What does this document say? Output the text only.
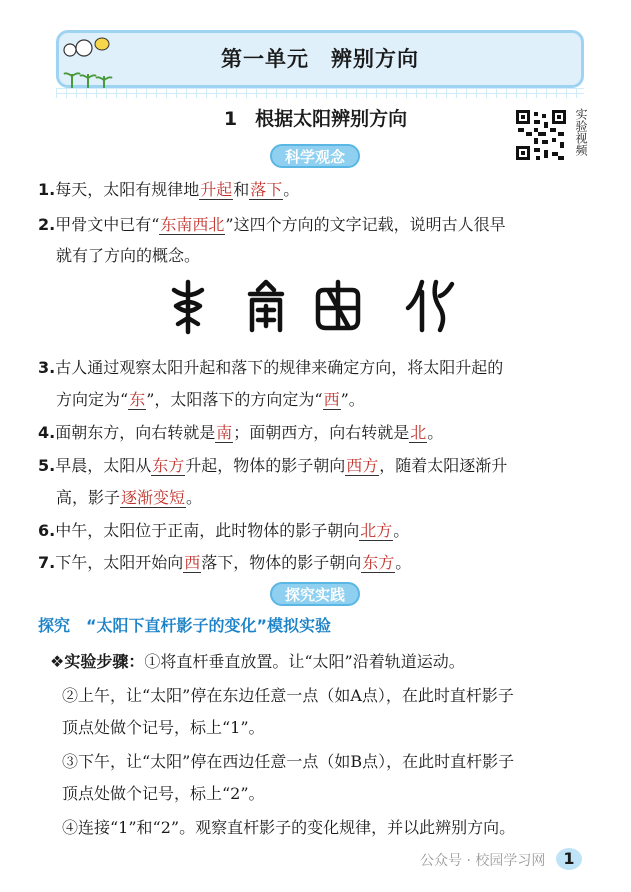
第一单元　辨别方向
1 根据太阳辨别方向	实验视频
科学观念
1.每天，太阳有规律地升起和落下。
2.甲骨文中已有“东南西北”这四个方向的文字记载，说明古人很早
就有了方向的概念。
3.古人通过观察太阳升起和落下的规律来确定方向，将太阳升起的
方向定为“东”，太阳落下的方向定为“西”。
4.面朝东方，向右转就是南；面朝西方，向右转就是北。
5.早晨，太阳从东方升起，物体的影子朝向西方，随着太阳逐渐升
高，影子逐渐变短。
6.中午，太阳位于正南，此时物体的影子朝向北方。
7.下午，太阳开始向西落下，物体的影子朝向东方。
探究实践
探究　“太阳下直杆影子的变化”模拟实验
❖实验步骤：①将直杆垂直放置。让“太阳”沿着轨道运动。
②上午，让“太阳”停在东边任意一点（如A点），在此时直杆影子
顶点处做个记号，标上“1”。
③下午，让“太阳”停在西边任意一点（如B点），在此时直杆影子
顶点处做个记号，标上“2”。
④连接“1”和“2”。观察直杆影子的变化规律，并以此辨别方向。
公众号 · 校园学习网	1
